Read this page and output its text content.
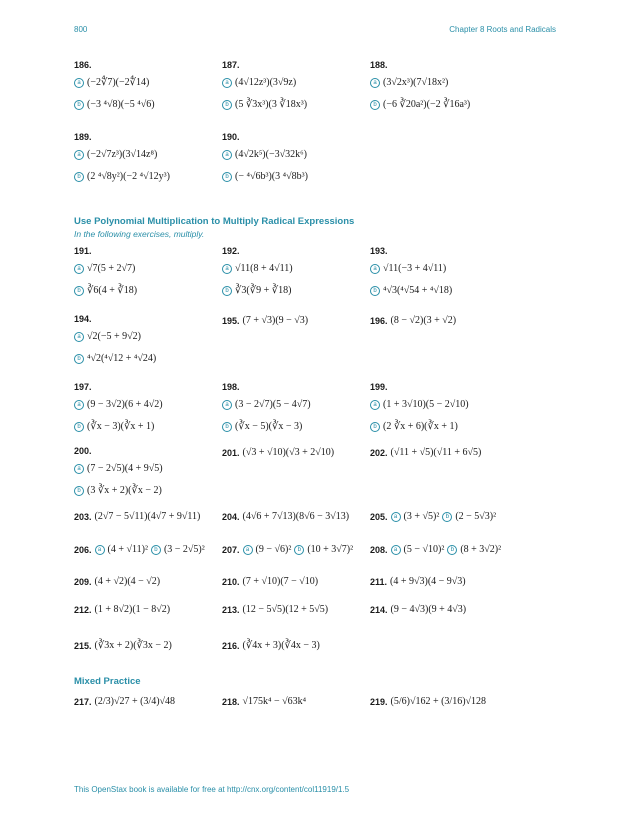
800	Chapter 8 Roots and Radicals
186.
a (−2∜7)(−2∜14)
b (−3 ⁴√8)(−5 ⁴√6)
187.
a (4√12z³)(3√9z)
b (5 ∛3x³)(3 ∛18x³)
188.
a (3√2x³)(7√18x²)
b (−6 ∛20a²)(−2 ∛16a³)
189.
a (−2√7z³)(3√14z⁸)
b (2 ⁴√8y²)(−2 ⁴√12y³)
190.
a (4√2k⁵)(−3√32k⁶)
b (− ⁴√6b³)(3 ⁴√8b³)
Use Polynomial Multiplication to Multiply Radical Expressions
In the following exercises, multiply.
191.
a √7(5 + 2√7)
b ∛6(4 + ∛18)
192.
a √11(8 + 4√11)
b ∛3(∛9 + ∛18)
193.
a √11(−3 + 4√11)
b ⁴√3(⁴√54 + ⁴√18)
194.
a √2(−5 + 9√2)
b ⁴√2(⁴√12 + ⁴√24)
195. (7 + √3)(9 − √3)	196. (8 − √2)(3 + √2)
197.
a (9 − 3√2)(6 + 4√2)
b (∛x − 3)(∛x + 1)
198.
a (3 − 2√7)(5 − 4√7)
b (∛x − 5)(∛x − 3)
199.
a (1 + 3√10)(5 − 2√10)
b (2 ∛x + 6)(∛x + 1)
200.
a (7 − 2√5)(4 + 9√5)
b (3 ∛x + 2)(∛x − 2)
201. (√3 + √10)(√3 + 2√10)	202. (√11 + √5)(√11 + 6√5)
203. (2√7 − 5√11)(4√7 + 9√11) 204. (4√6 + 7√13)(8√6 − 3√13) 205.	a (3 + √5)²	b (2 − 5√3)²
206.	a (4 + √11)²	b (3 − 2√5)² 207.	a (9 − √6)²	b (10 + 3√7)² 208.	a (5 − √10)²	b (8 + 3√2)²
209. (4 + √2)(4 − √2)	210. (7 + √10)(7 − √10)	211. (4 + 9√3)(4 − 9√3)
212. (1 + 8√2)(1 − 8√2)	213. (12 − 5√5)(12 + 5√5)	214. (9 − 4√3)(9 + 4√3)
215. (∛3x + 2)(∛3x − 2)	216. (∛4x + 3)(∛4x − 3)
Mixed Practice
217. (2/3)√27 + (3/4)√48	218. √175k⁴ − √63k⁴	219. (5/6)√162 + (3/16)√128
This OpenStax book is available for free at http://cnx.org/content/col11919/1.5
